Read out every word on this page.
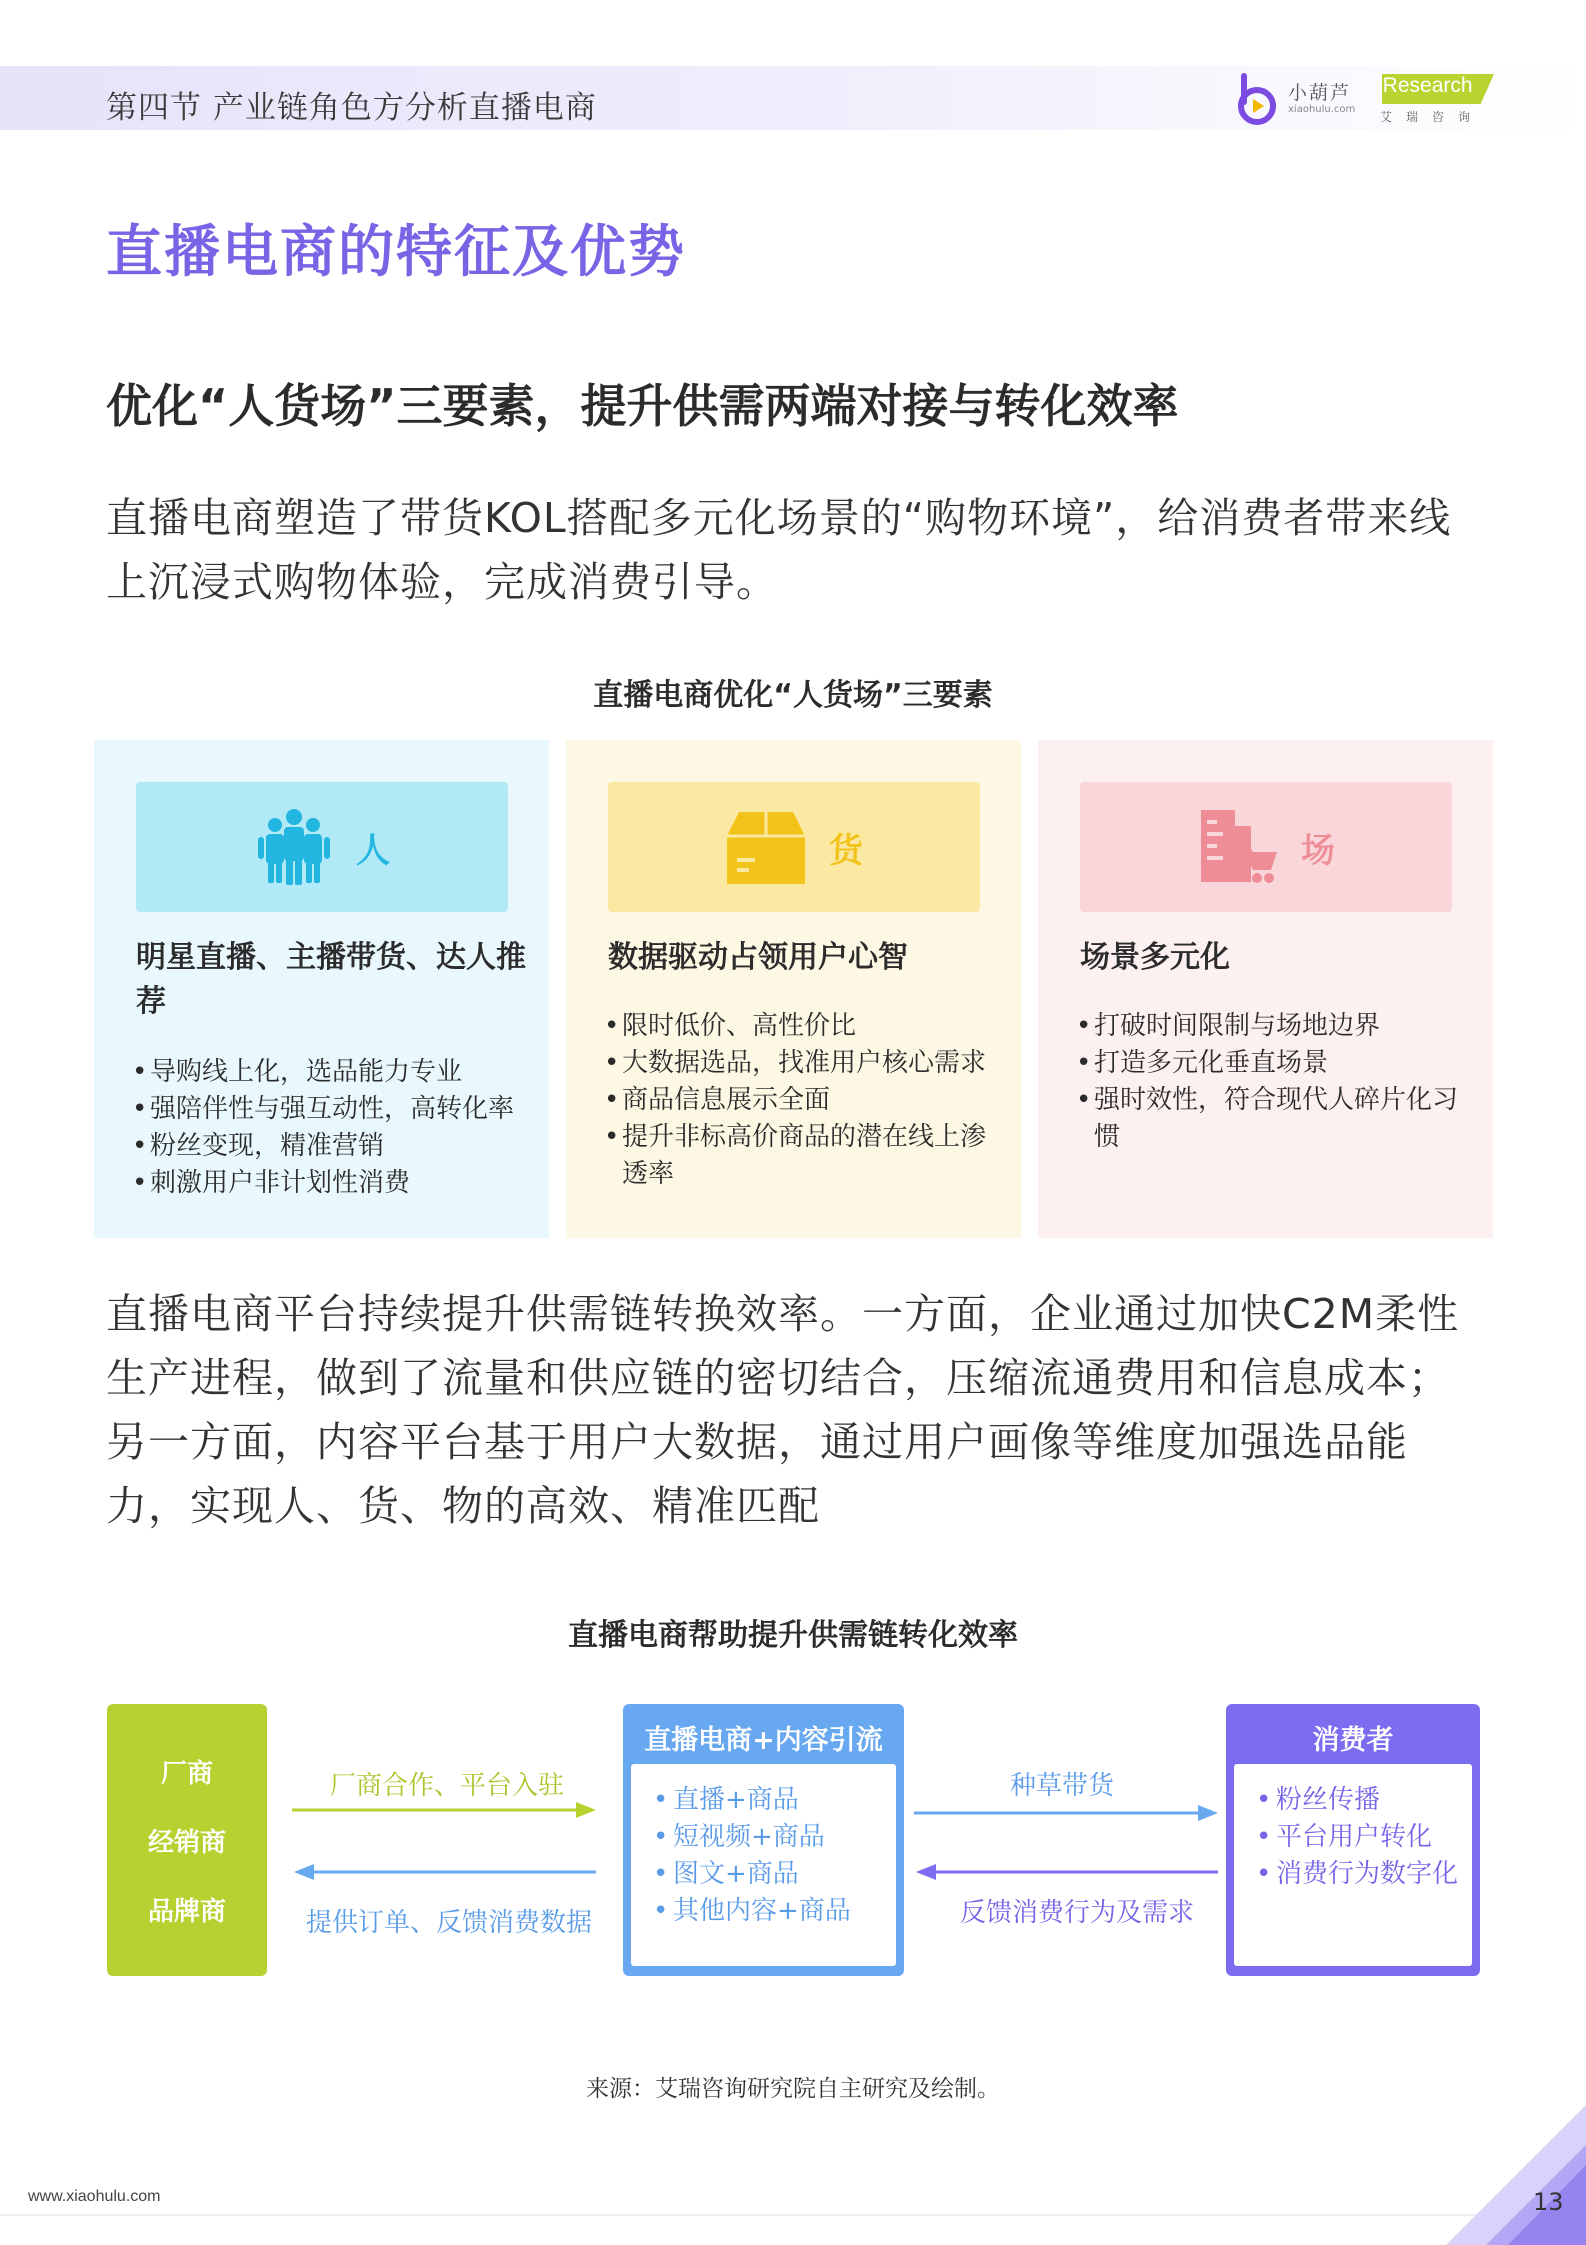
第四节 产业链角色方分析直播电商	小葫芦
xiaohulu.com
iResearch
艾瑞咨询
直播电商的特征及优势
优化“人货场”三要素，提升供需两端对接与转化效率
直播电商塑造了带货KOL搭配多元化场景的“购物环境”，给消费者带来线上沉浸式购物体验，完成消费引导。
直播电商优化“人货场”三要素
人
明星直播、主播带货、达人推荐
• 导购线上化，选品能力专业
• 强陪伴性与强互动性，高转化率
• 粉丝变现，精准营销
• 刺激用户非计划性消费
货
数据驱动占领用户心智
• 限时低价、高性价比
• 大数据选品，找准用户核心需求
• 商品信息展示全面
• 提升非标高价商品的潜在线上渗透率
场
场景多元化
• 打破时间限制与场地边界
• 打造多元化垂直场景
• 强时效性，符合现代人碎片化习惯
直播电商平台持续提升供需链转换效率。一方面，企业通过加快C2M柔性生产进程，做到了流量和供应链的密切结合，压缩流通费用和信息成本；另一方面，内容平台基于用户大数据，通过用户画像等维度加强选品能力，实现人、货、物的高效、精准匹配
直播电商帮助提升供需链转化效率
厂商
经销商
品牌商
直播电商+内容引流
• 直播+商品
• 短视频+商品
• 图文+商品
• 其他内容+商品
消费者
• 粉丝传播
• 平台用户转化
• 消费行为数字化
厂商合作、平台入驻
提供订单、反馈消费数据
种草带货
反馈消费行为及需求
来源：艾瑞咨询研究院自主研究及绘制。
www.xiaohulu.com	13
